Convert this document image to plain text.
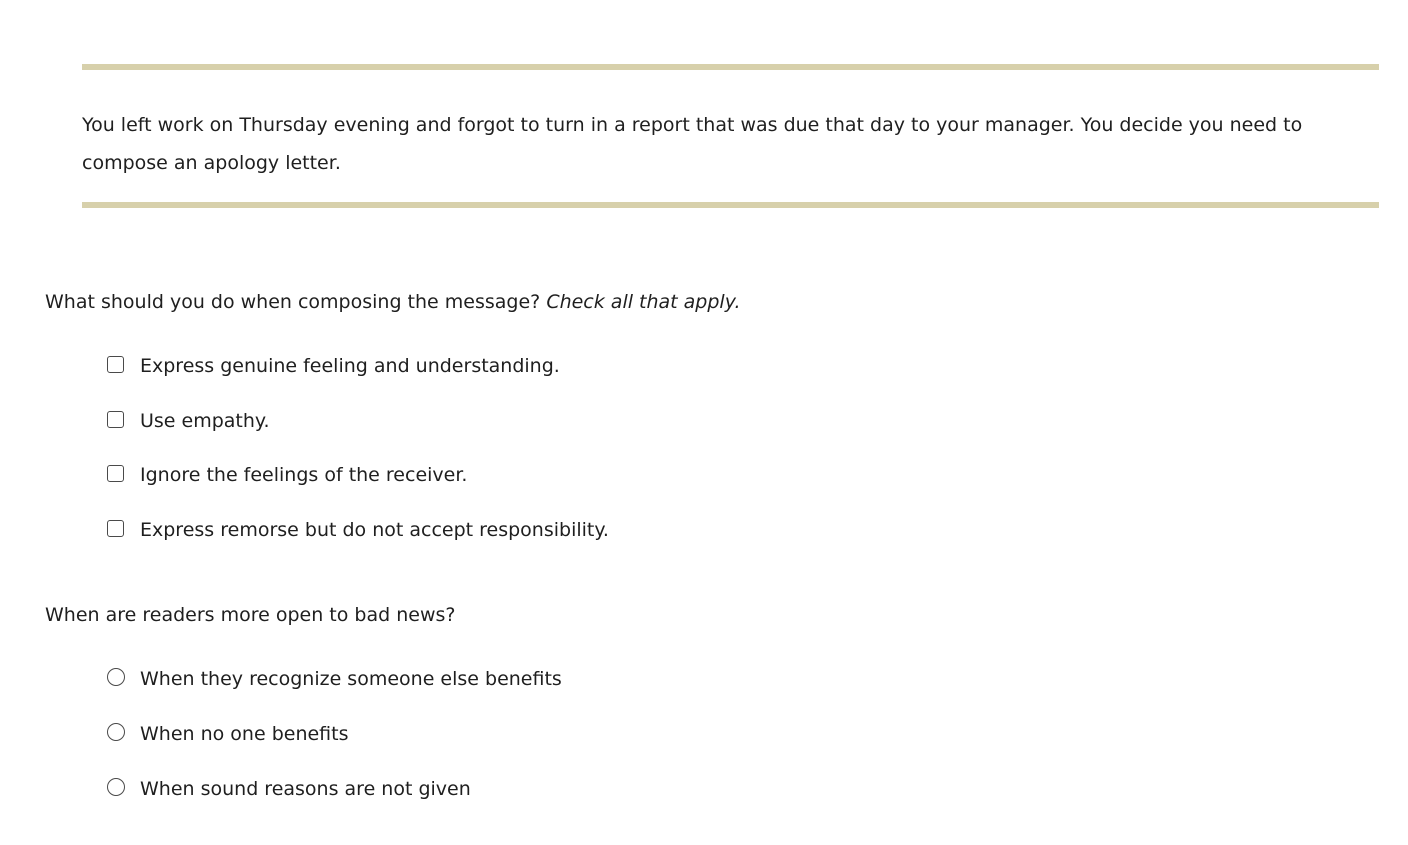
You left work on Thursday evening and forgot to turn in a report that was due that day to your manager. You decide you need to compose an apology letter.

What should you do when composing the message? Check all that apply.

Express genuine feeling and understanding.
Use empathy.
Ignore the feelings of the receiver.
Express remorse but do not accept responsibility.

When are readers more open to bad news?

When they recognize someone else benefits
When no one benefits
When sound reasons are not given
